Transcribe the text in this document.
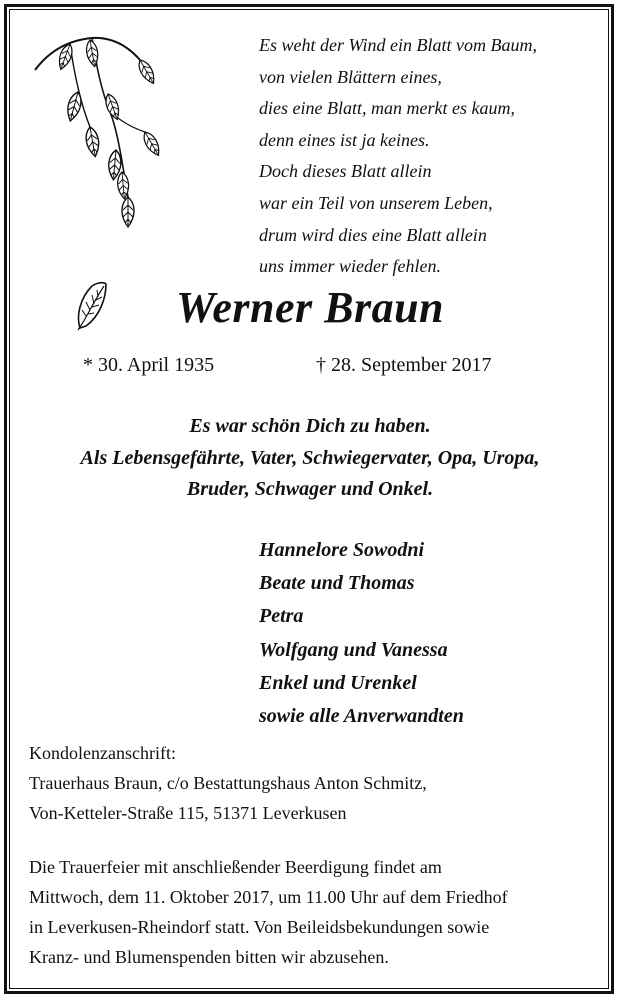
Es weht der Wind ein Blatt vom Baum,
von vielen Blättern eines,
dies eine Blatt, man merkt es kaum,
denn eines ist ja keines.
Doch dieses Blatt allein
war ein Teil von unserem Leben,
drum wird dies eine Blatt allein
uns immer wieder fehlen.
Werner Braun

* 30. April 1935	† 28. September 2017

Es war schön Dich zu haben.
Als Lebensgefährte, Vater, Schwiegervater, Opa, Uropa,
Bruder, Schwager und Onkel.
Hannelore Sowodni
Beate und Thomas
Petra
Wolfgang und Vanessa
Enkel und Urenkel
sowie alle Anverwandten
Kondolenzanschrift:
Trauerhaus Braun, c/o Bestattungshaus Anton Schmitz,
Von-Ketteler-Straße 115, 51371 Leverkusen
Die Trauerfeier mit anschließender Beerdigung findet am
Mittwoch, dem 11. Oktober 2017, um 11.00 Uhr auf dem Friedhof
in Leverkusen-Rheindorf statt. Von Beileidsbekundungen sowie
Kranz- und Blumenspenden bitten wir abzusehen.
